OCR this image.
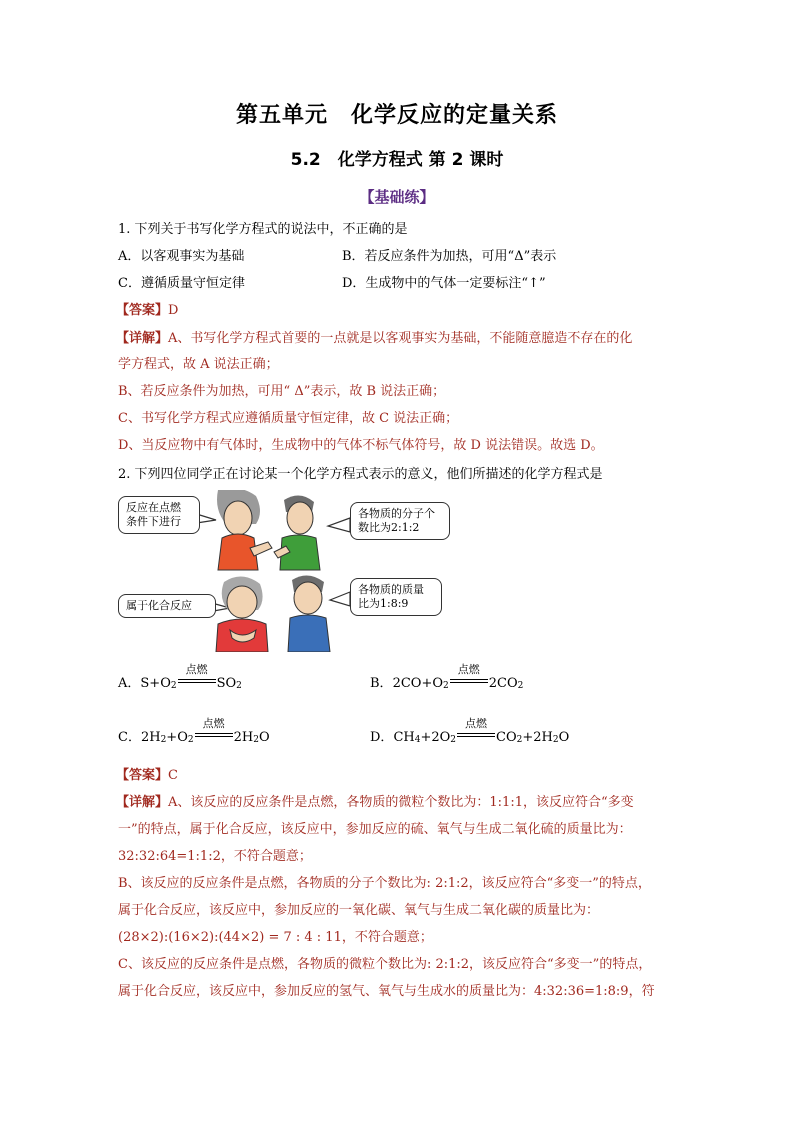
第五单元　化学反应的定量关系
5.2　化学方程式 第 2 课时
【基础练】
1. 下列关于书写化学方程式的说法中，不正确的是
A．以客观事实为基础	B．若反应条件为加热，可用“Δ”表示
C．遵循质量守恒定律	D．生成物中的气体一定要标注“↑”
【答案】D
【详解】A、书写化学方程式首要的一点就是以客观事实为基础，不能随意臆造不存在的化
学方程式，故 A 说法正确；
B、若反应条件为加热，可用“ Δ”表示，故 B 说法正确；
C、书写化学方程式应遵循质量守恒定律，故 C 说法正确；
D、当反应物中有气体时，生成物中的气体不标气体符号，故 D 说法错误。故选 D。
2. 下列四位同学正在讨论某一个化学方程式表示的意义，他们所描述的化学方程式是
反应在点燃
条件下进行
各物质的分子个
数比为2:1:2
属于化合反应
各物质的质量
比为1:8:9
A．S+O 2
点燃
$SO_2$	B．2CO+O 2
点燃
$2CO_2$
C．2H 2 +O 2
点燃
$2H_2$ O	D．CH 4 +2O 2
点燃
$CO_2 +2H$ 2 O
【答案】C
【详解】A、该反应的反应条件是点燃，各物质的微粒个数比为：1:1:1，该反应符合“多变
一”的特点，属于化合反应，该反应中，参加反应的硫、氧气与生成二氧化硫的质量比为：
32:32:64=1:1:2，不符合题意；
B、该反应的反应条件是点燃，各物质的分子个数比为: 2:1:2，该反应符合“多变一”的特点，
属于化合反应，该反应中，参加反应的一氧化碳、氧气与生成二氧化碳的质量比为：
(28×2):(16×2):(44×2) = 7 : 4 : 11，不符合题意；
C、该反应的反应条件是点燃，各物质的微粒个数比为: 2:1:2，该反应符合“多变一”的特点，
属于化合反应，该反应中，参加反应的氢气、氧气与生成水的质量比为：4:32:36=1:8:9，符
